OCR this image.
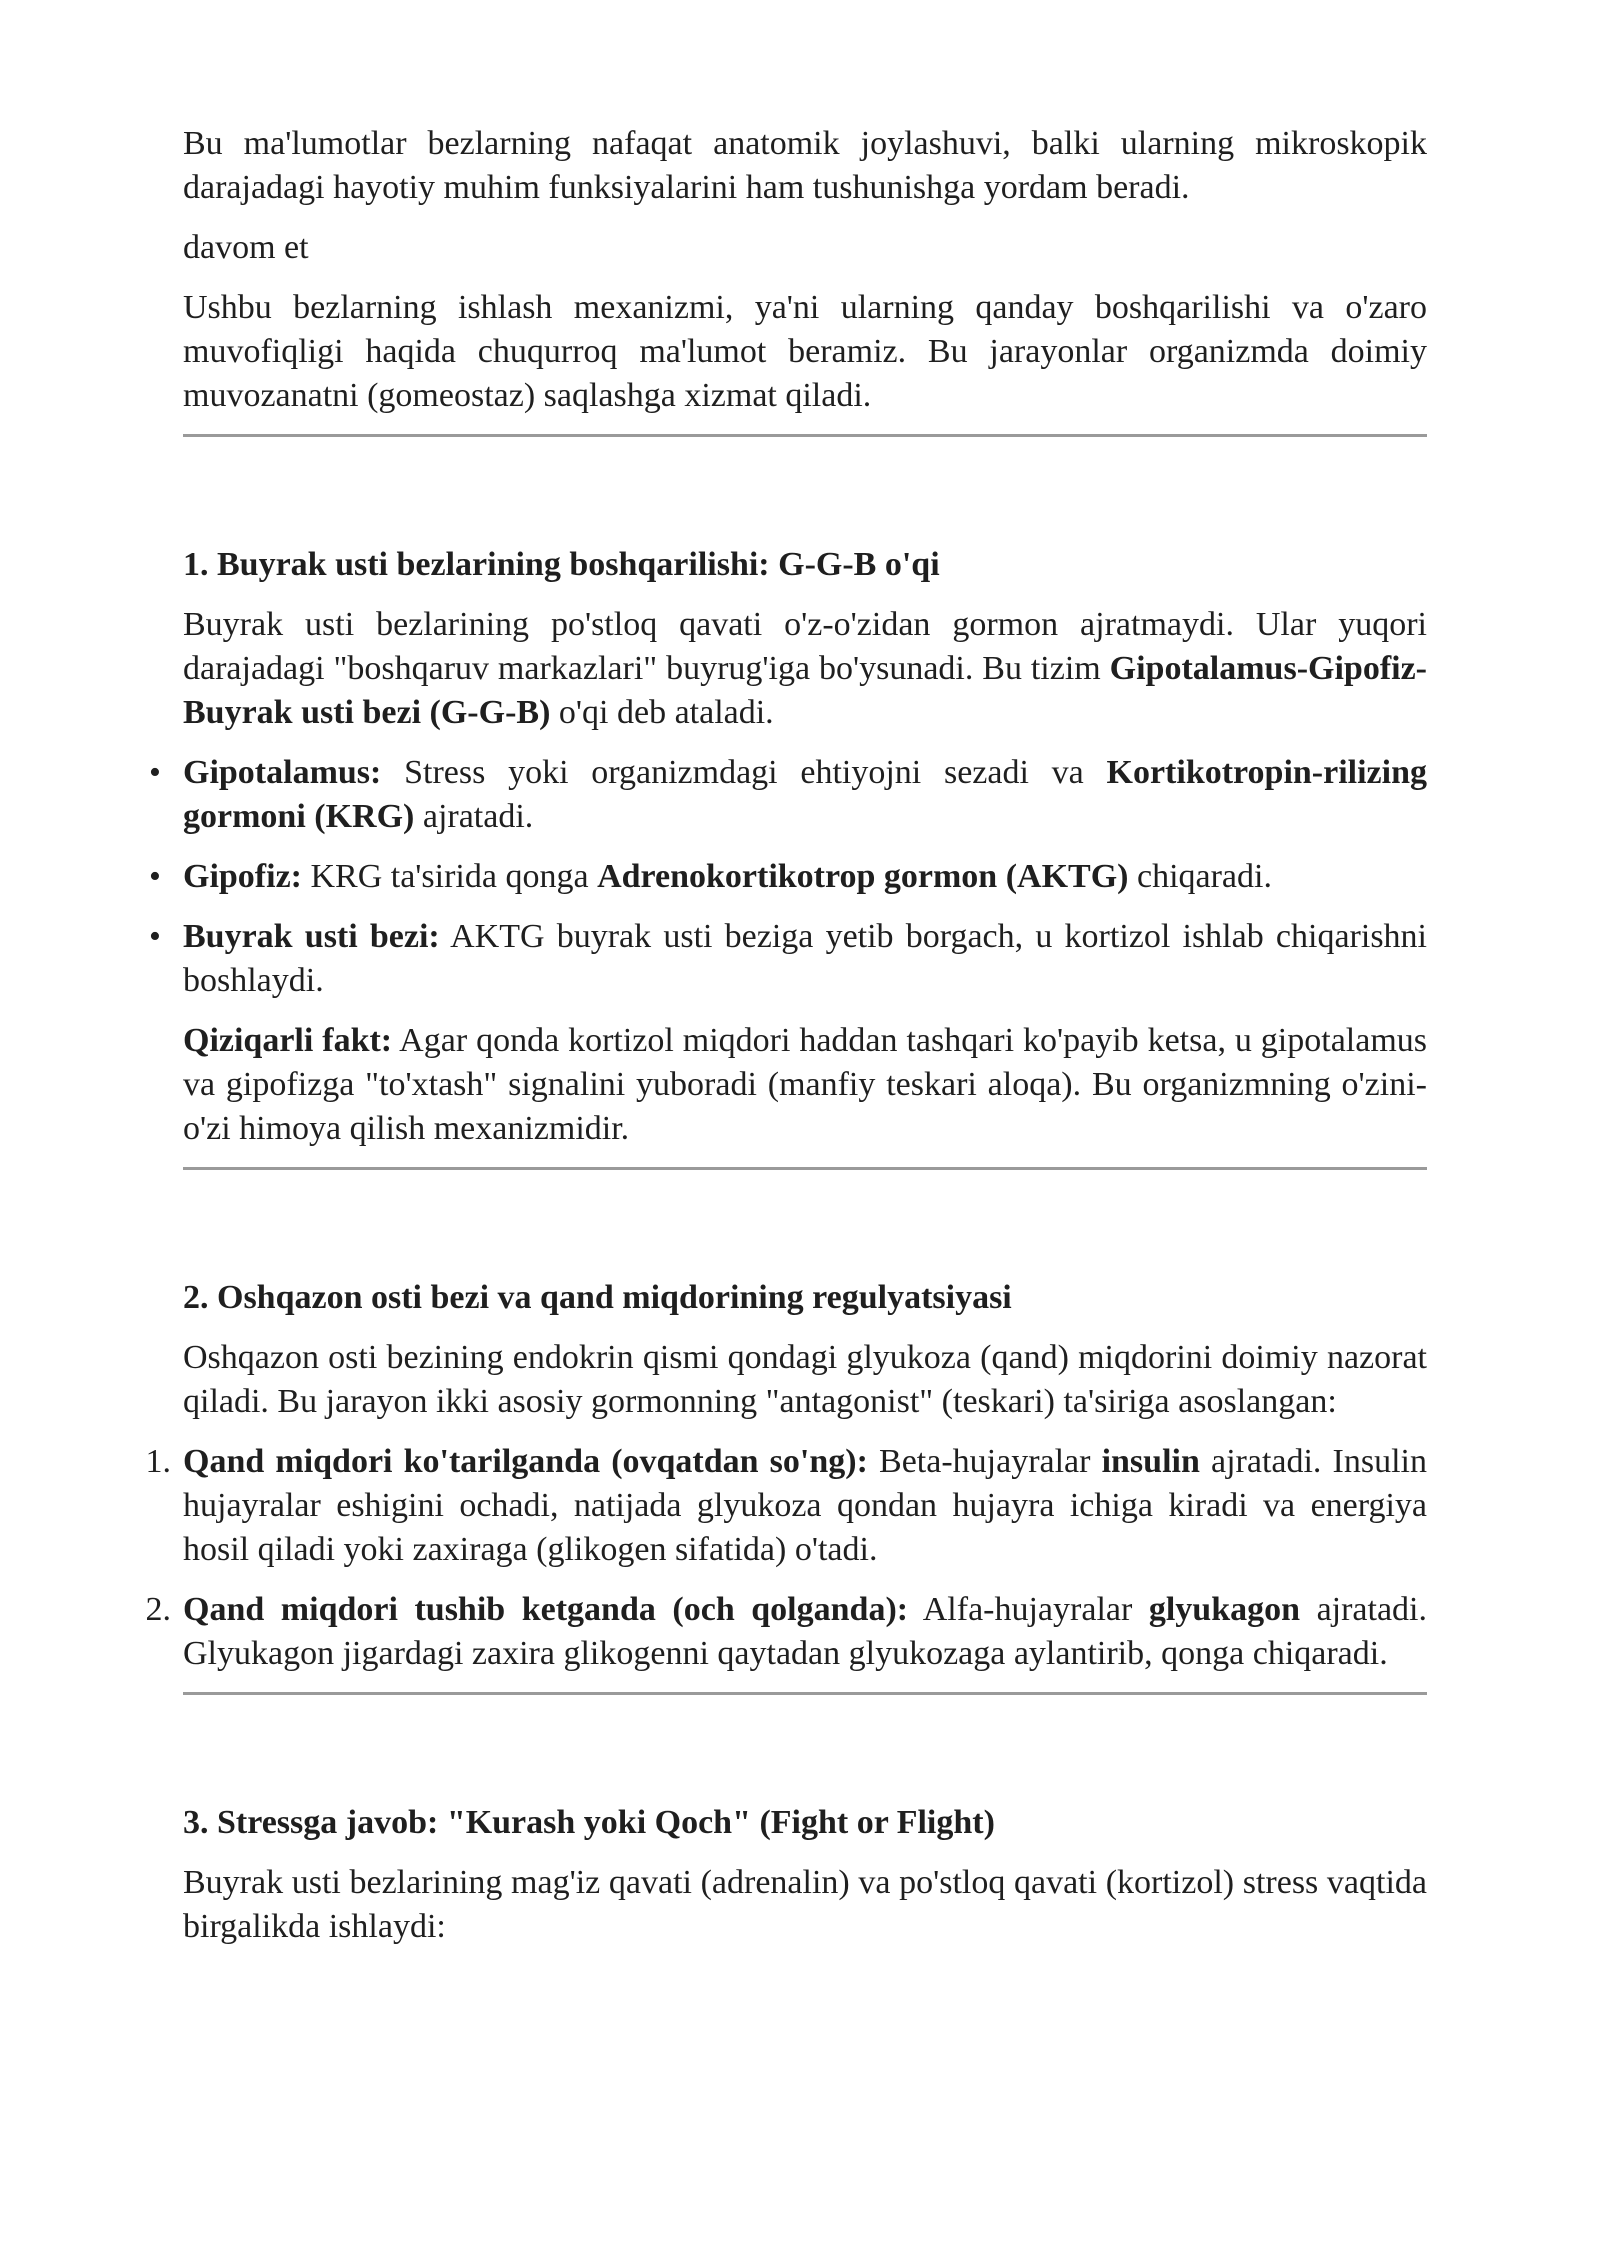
Bu ma'lumotlar bezlarning nafaqat anatomik joylashuvi, balki ularning mikroskopik darajadagi hayotiy muhim funksiyalarini ham tushunishga yordam beradi.

davom et

Ushbu bezlarning ishlash mexanizmi, ya'ni ularning qanday boshqarilishi va o'zaro muvofiqligi haqida chuqurroq ma'lumot beramiz. Bu jarayonlar organizmda doimiy muvozanatni (gomeostaz) saqlashga xizmat qiladi.

1. Buyrak usti bezlarining boshqarilishi: G-G-B o'qi

Buyrak usti bezlarining po'stloq qavati o'z-o'zidan gormon ajratmaydi. Ular yuqori darajadagi "boshqaruv markazlari" buyrug'iga bo'ysunadi. Bu tizim Gipotalamus-Gipofiz-Buyrak usti bezi (G-G-B) o'qi deb ataladi.

• Gipotalamus: Stress yoki organizmdagi ehtiyojni sezadi va Kortikotropin-rilizing gormoni (KRG) ajratadi.
• Gipofiz: KRG ta'sirida qonga Adrenokortikotrop gormon (AKTG) chiqaradi.
• Buyrak usti bezi: AKTG buyrak usti beziga yetib borgach, u kortizol ishlab chiqarishni boshlaydi.

Qiziqarli fakt: Agar qonda kortizol miqdori haddan tashqari ko'payib ketsa, u gipotalamus va gipofizga "to'xtash" signalini yuboradi (manfiy teskari aloqa). Bu organizmning o'zini-o'zi himoya qilish mexanizmidir.

2. Oshqazon osti bezi va qand miqdorining regulyatsiyasi

Oshqazon osti bezining endokrin qismi qondagi glyukoza (qand) miqdorini doimiy nazorat qiladi. Bu jarayon ikki asosiy gormonning "antagonist" (teskari) ta'siriga asoslangan:

1. Qand miqdori ko'tarilganda (ovqatdan so'ng): Beta-hujayralar insulin ajratadi. Insulin hujayralar eshigini ochadi, natijada glyukoza qondan hujayra ichiga kiradi va energiya hosil qiladi yoki zaxiraga (glikogen sifatida) o'tadi.
2. Qand miqdori tushib ketganda (och qolganda): Alfa-hujayralar glyukagon ajratadi. Glyukagon jigardagi zaxira glikogenni qaytadan glyukozaga aylantirib, qonga chiqaradi.
3. Stressga javob: "Kurash yoki Qoch" (Fight or Flight)

Buyrak usti bezlarining mag'iz qavati (adrenalin) va po'stloq qavati (kortizol) stress vaqtida birgalikda ishlaydi:
